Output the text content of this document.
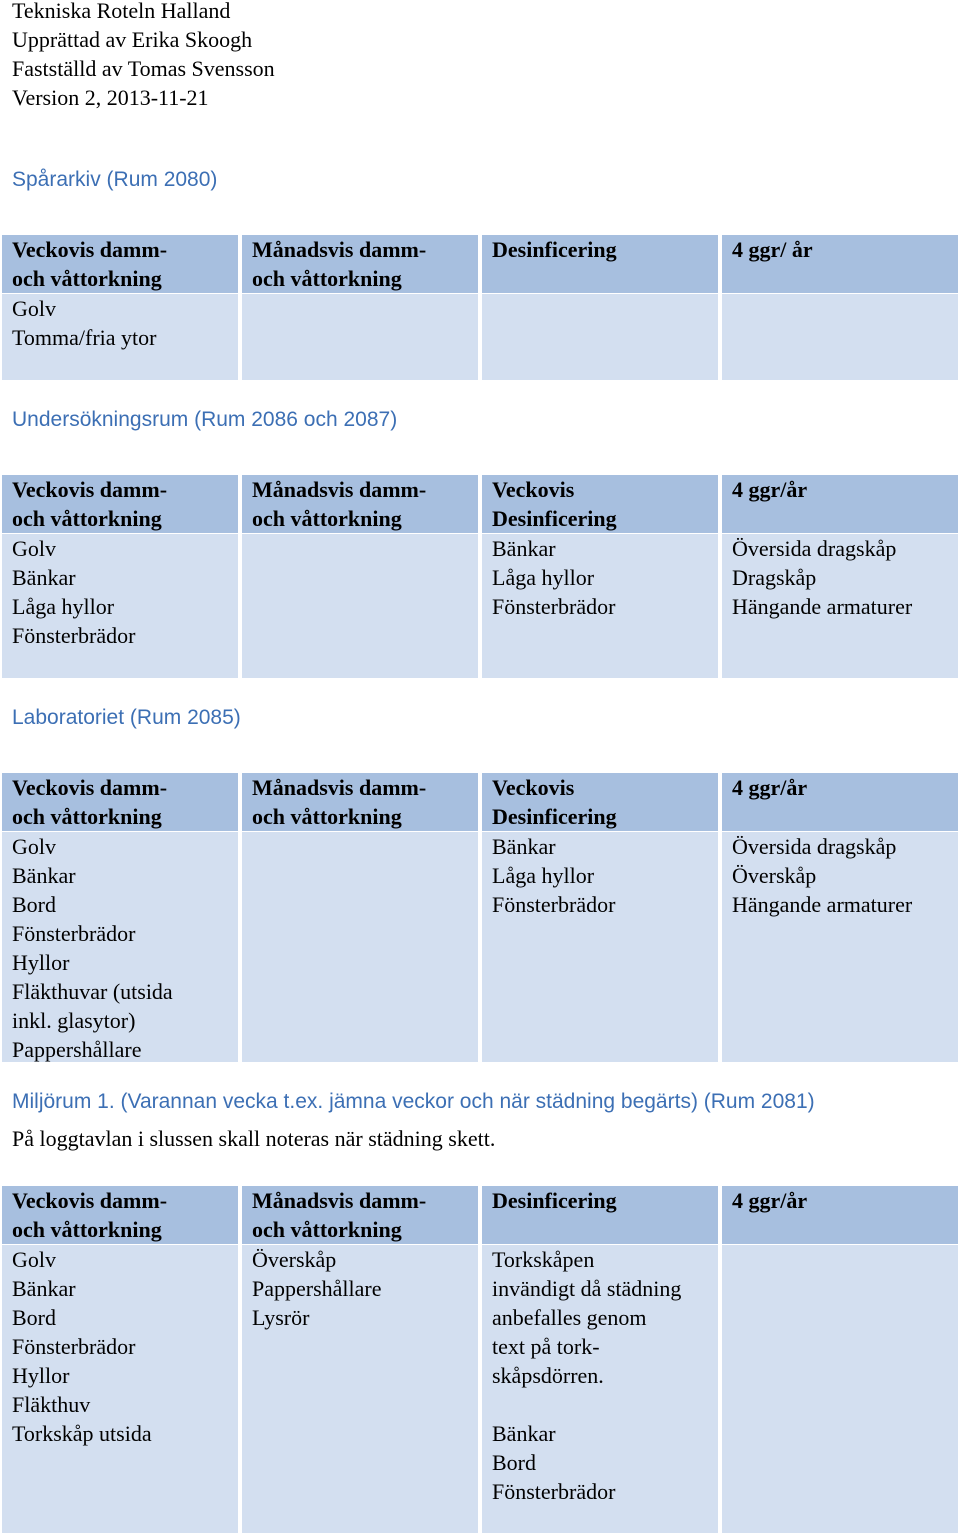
Tekniska Roteln Halland
Upprättad av Erika Skoogh
Fastställd av Tomas Svensson
Version 2, 2013-11-21
Spårarkiv (Rum 2080)
Veckovis damm-
och våttorkning
Månadsvis damm-
och våttorkning
Desinficering	4 ggr/ år
Golv
Tomma/fria ytor
Undersökningsrum (Rum 2086 och 2087)
Veckovis damm-
och våttorkning
Månadsvis damm-
och våttorkning
Veckovis
Desinficering
4 ggr/år
Golv
Bänkar
Låga hyllor
Fönsterbrädor
Bänkar
Låga hyllor
Fönsterbrädor
Översida dragskåp
Dragskåp
Hängande armaturer
Laboratoriet (Rum 2085)
Veckovis damm-
och våttorkning
Månadsvis damm-
och våttorkning
Veckovis
Desinficering
4 ggr/år
Golv
Bänkar
Bord
Fönsterbrädor
Hyllor
Fläkthuvar (utsida
inkl. glasytor)
Pappershållare
Bänkar
Låga hyllor
Fönsterbrädor
Översida dragskåp
Överskåp
Hängande armaturer
Miljörum 1. (Varannan vecka t.ex. jämna veckor och när städning begärts) (Rum 2081)
På loggtavlan i slussen skall noteras när städning skett.
Veckovis damm-
och våttorkning
Månadsvis damm-
och våttorkning
Desinficering	4 ggr/år
Golv
Bänkar
Bord
Fönsterbrädor
Hyllor
Fläkthuv
Torkskåp utsida
Överskåp
Pappershållare
Lysrör
Torkskåpen
invändigt då städning
anbefalles genom
text på tork-
skåpsdörren.

Bänkar
Bord
Fönsterbrädor
